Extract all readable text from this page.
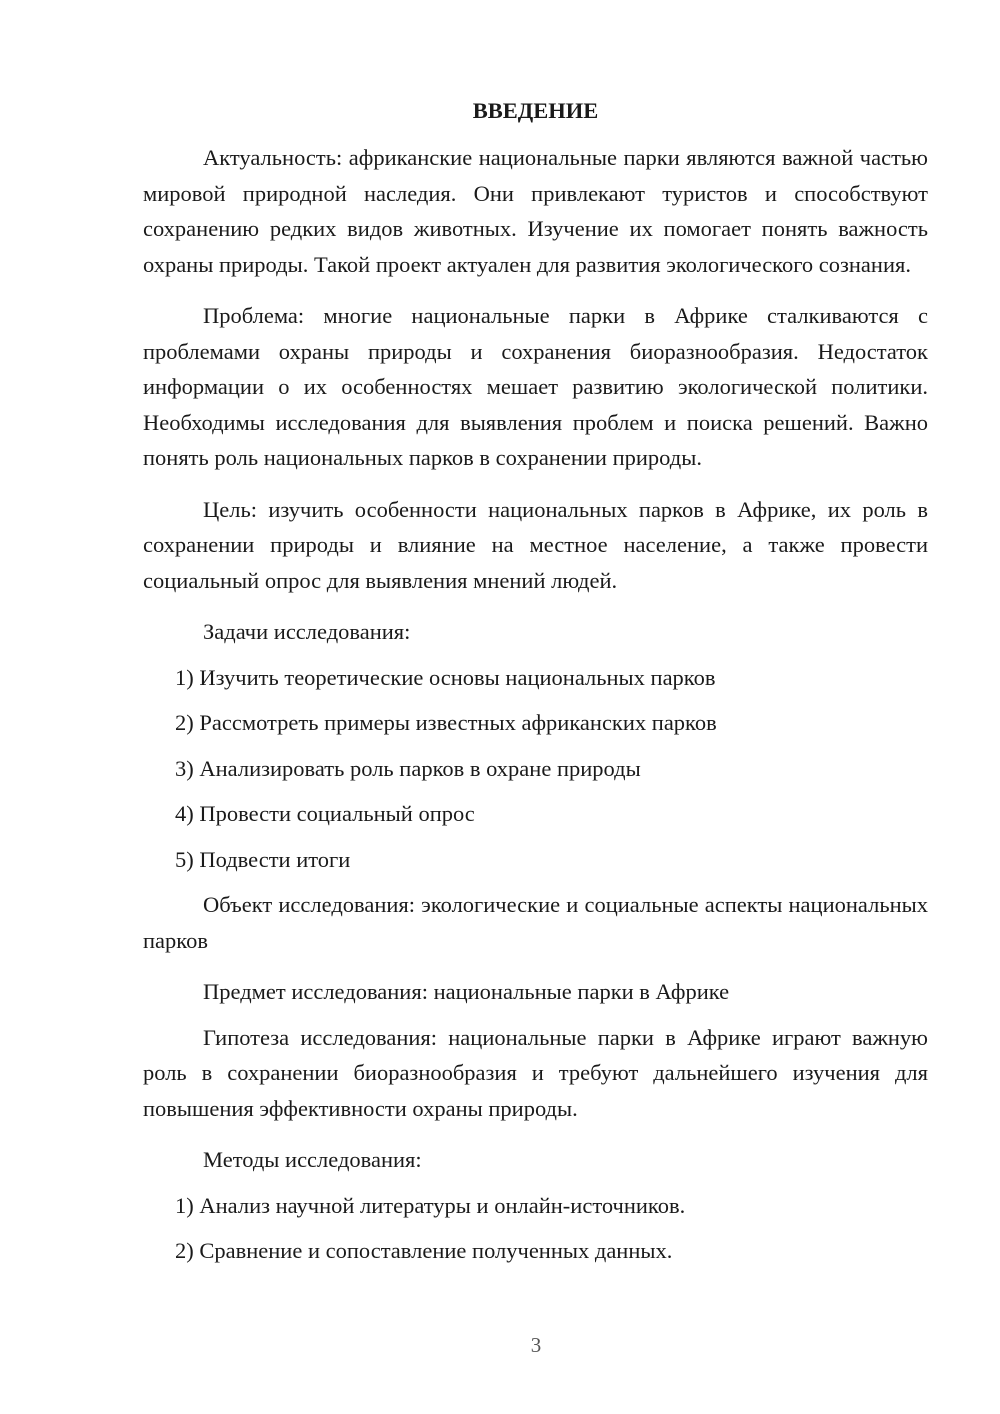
ВВЕДЕНИЕ

Актуальность: африканские национальные парки являются важной частью мировой природной наследия. Они привлекают туристов и способствуют сохранению редких видов животных. Изучение их помогает понять важность охраны природы. Такой проект актуален для развития экологического сознания.

Проблема: многие национальные парки в Африке сталкиваются с проблемами охраны природы и сохранения биоразнообразия. Недостаток информации о их особенностях мешает развитию экологической политики. Необходимы исследования для выявления проблем и поиска решений. Важно понять роль национальных парков в сохранении природы.

Цель: изучить особенности национальных парков в Африке, их роль в сохранении природы и влияние на местное население, а также провести социальный опрос для выявления мнений людей.

Задачи исследования:

1) Изучить теоретические основы национальных парков

2) Рассмотреть примеры известных африканских парков

3) Анализировать роль парков в охране природы

4) Провести социальный опрос

5) Подвести итоги

Объект исследования: экологические и социальные аспекты национальных парков

Предмет исследования: национальные парки в Африке

Гипотеза исследования: национальные парки в Африке играют важную роль в сохранении биоразнообразия и требуют дальнейшего изучения для повышения эффективности охраны природы.

Методы исследования:

1) Анализ научной литературы и онлайн-источников.

2) Сравнение и сопоставление полученных данных.

3
